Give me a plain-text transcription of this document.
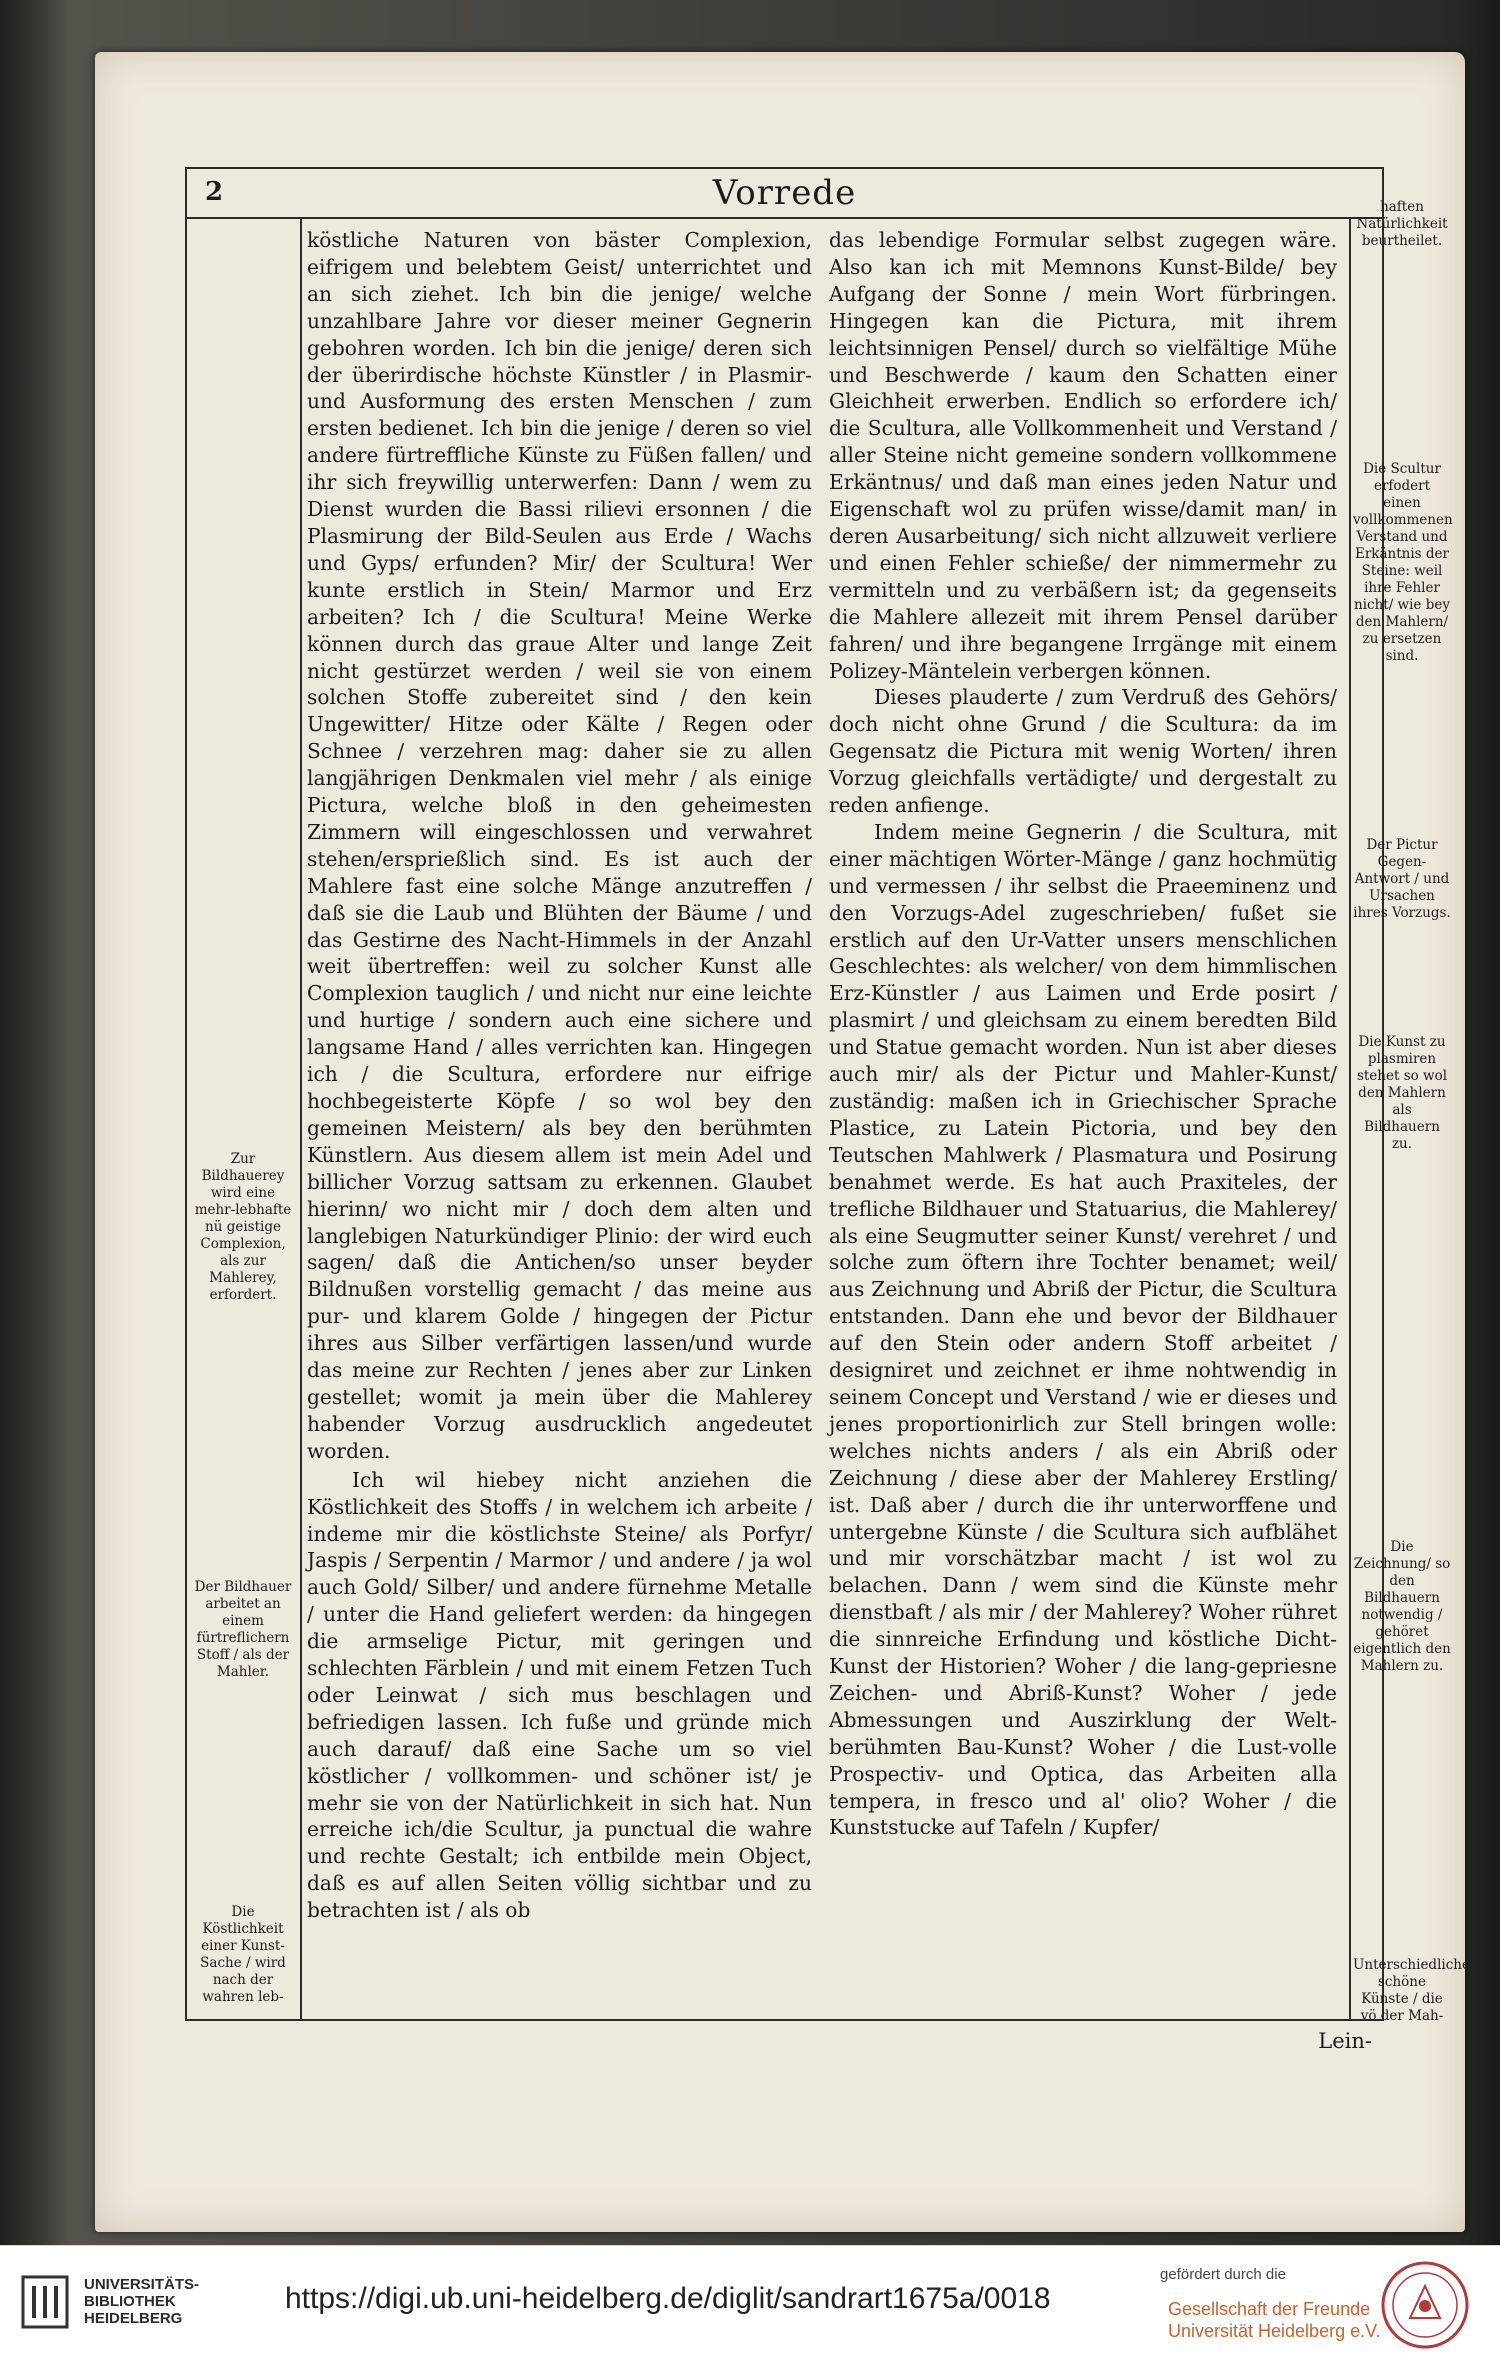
2	Vorrede

köstliche Naturen von bäster Complexion, eifrigem und belebtem Geist/ unterrichtet und an sich ziehet. Ich bin die jenige/ welche unzahlbare Jahre vor dieser meiner Gegnerin gebohren worden. Ich bin die jenige/ deren sich der überirdische höchste Künstler / in Plasmir- und Ausformung des ersten Menschen / zum ersten bedienet. Ich bin die jenige / deren so viel andere fürtreffliche Künste zu Füßen fallen/ und ihr sich freywillig unterwerfen: Dann / wem zu Dienst wurden die Bassi rilievi ersonnen / die Plasmirung der Bild-Seulen aus Erde / Wachs und Gyps/ erfunden? Mir/ der Scultura! Wer kunte erstlich in Stein/ Marmor und Erz arbeiten? Ich / die Scultura! Meine Werke können durch das graue Alter und lange Zeit nicht gestürzet werden / weil sie von einem solchen Stoffe zubereitet sind / den kein Ungewitter/ Hitze oder Kälte / Regen oder Schnee / verzehren mag: daher sie zu allen langjährigen Denkmalen viel mehr / als einige Pictura, welche bloß in den geheimesten Zimmern will eingeschlossen und verwahret stehen/ersprießlich sind. Es ist auch der Mahlere fast eine solche Mänge anzutreffen / daß sie die Laub und Blühten der Bäume / und das Gestirne des Nacht-Himmels in der Anzahl weit übertreffen: weil zu solcher Kunst alle Complexion tauglich / und nicht nur eine leichte und hurtige / sondern auch eine sichere und langsame Hand / alles verrichten kan. Hingegen ich / die Scultura, erfordere nur eifrige hochbegeisterte Köpfe / so wol bey den gemeinen Meistern/ als bey den berühmten Künstlern. Aus diesem allem ist mein Adel und billicher Vorzug sattsam zu erkennen. Glaubet hierinn/ wo nicht mir / doch dem alten und langlebigen Naturkündiger Plinio: der wird euch sagen/ daß die Antichen/so unser beyder Bildnußen vorstellig gemacht / das meine aus pur- und klarem Golde / hingegen der Pictur ihres aus Silber verfärtigen lassen/und wurde das meine zur Rechten / jenes aber zur Linken gestellet; womit ja mein über die Mahlerey habender Vorzug ausdrucklich angedeutet worden.

Ich wil hiebey nicht anziehen die Köstlichkeit des Stoffs / in welchem ich arbeite / indeme mir die köstlichste Steine/ als Porfyr/ Jaspis / Serpentin / Marmor / und andere / ja wol auch Gold/ Silber/ und andere fürnehme Metalle / unter die Hand geliefert werden: da hingegen die armselige Pictur, mit geringen und schlechten Färblein / und mit einem Fetzen Tuch oder Leinwat / sich mus beschlagen und befriedigen lassen. Ich fuße und gründe mich auch darauf/ daß eine Sache um so viel köstlicher / vollkommen- und schöner ist/ je mehr sie von der Natürlichkeit in sich hat. Nun erreiche ich/die Scultur, ja punctual die wahre und rechte Gestalt; ich entbilde mein Object, daß es auf allen Seiten völlig sichtbar und zu betrachten ist / als ob

das lebendige Formular selbst zugegen wäre. Also kan ich mit Memnons Kunst-Bilde/ bey Aufgang der Sonne / mein Wort fürbringen. Hingegen kan die Pictura, mit ihrem leichtsinnigen Pensel/ durch so vielfältige Mühe und Beschwerde / kaum den Schatten einer Gleichheit erwerben. Endlich so erfordere ich/ die Scultura, alle Vollkommenheit und Verstand / aller Steine nicht gemeine sondern vollkommene Erkäntnus/ und daß man eines jeden Natur und Eigenschaft wol zu prüfen wisse/damit man/ in deren Ausarbeitung/ sich nicht allzuweit verliere und einen Fehler schieße/ der nimmermehr zu vermitteln und zu verbäßern ist; da gegenseits die Mahlere allezeit mit ihrem Pensel darüber fahren/ und ihre begangene Irrgänge mit einem Polizey-Mäntelein verbergen können.

Dieses plauderte / zum Verdruß des Gehörs/ doch nicht ohne Grund / die Scultura: da im Gegensatz die Pictura mit wenig Worten/ ihren Vorzug gleichfalls vertädigte/ und dergestalt zu reden anfienge.

Indem meine Gegnerin / die Scultura, mit einer mächtigen Wörter-Mänge / ganz hochmütig und vermessen / ihr selbst die Praeeminenz und den Vorzugs-Adel zugeschrieben/ fußet sie erstlich auf den Ur-Vatter unsers menschlichen Geschlechtes: als welcher/ von dem himmlischen Erz-Künstler / aus Laimen und Erde posirt / plasmirt / und gleichsam zu einem beredten Bild und Statue gemacht worden. Nun ist aber dieses auch mir/ als der Pictur und Mahler-Kunst/ zuständig: maßen ich in Griechischer Sprache Plastice, zu Latein Pictoria, und bey den Teutschen Mahlwerk / Plasmatura und Posirung benahmet werde. Es hat auch Praxiteles, der trefliche Bildhauer und Statuarius, die Mahlerey/ als eine Seugmutter seiner Kunst/ verehret / und solche zum öftern ihre Tochter benamet; weil/ aus Zeichnung und Abriß der Pictur, die Scultura entstanden. Dann ehe und bevor der Bildhauer auf den Stein oder andern Stoff arbeitet / designiret und zeichnet er ihme nohtwendig in seinem Concept und Verstand / wie er dieses und jenes proportionirlich zur Stell bringen wolle: welches nichts anders / als ein Abriß oder Zeichnung / diese aber der Mahlerey Erstling/ ist. Daß aber / durch die ihr unterworffene und untergebne Künste / die Scultura sich aufblähet und mir vorschätzbar macht / ist wol zu belachen. Dann / wem sind die Künste mehr dienstbaft / als mir / der Mahlerey? Woher rühret die sinnreiche Erfindung und köstliche Dicht-Kunst der Historien? Woher / die lang-gepriesne Zeichen- und Abriß-Kunst? Woher / jede Abmessungen und Auszirklung der Welt-berühmten Bau-Kunst? Woher / die Lust-volle Prospectiv- und Optica, das Arbeiten alla tempera, in fresco und al' olio? Woher / die Kunststucke auf Tafeln / Kupfer/

Zur Bildhauerey wird eine mehr-lebhafte nü geistige Complexion, als zur Mahlerey, erfordert.
Der Bildhauer arbeitet an einem fürtreflichern Stoff / als der Mahler.
Die Köstlichkeit einer Kunst-Sache / wird nach der wahren leb-
haften Natürlichkeit beurtheilet.
Die Scultur erfodert einen vollkommenen Verstand und Erkäntnis der Steine: weil ihre Fehler nicht/ wie bey den Mahlern/ zu ersetzen sind.
Der Pictur Gegen-Antwort / und Ursachen ihres Vorzugs.
Die Kunst zu plasmiren stehet so wol den Mahlern als Bildhauern zu.
Die Zeichnung/ so den Bildhauern notwendig / gehöret eigentlich den Mahlern zu.
Unterschiedliche schöne Künste / die vö der Mah-
Lein‑
UNIVERSITÄTS-
BIBLIOTHEK
HEIDELBERG
https://digi.ub.uni-heidelberg.de/diglit/sandrart1675a/0018
gefördert durch die
Gesellschaft der Freunde
Universität Heidelberg e.V.
